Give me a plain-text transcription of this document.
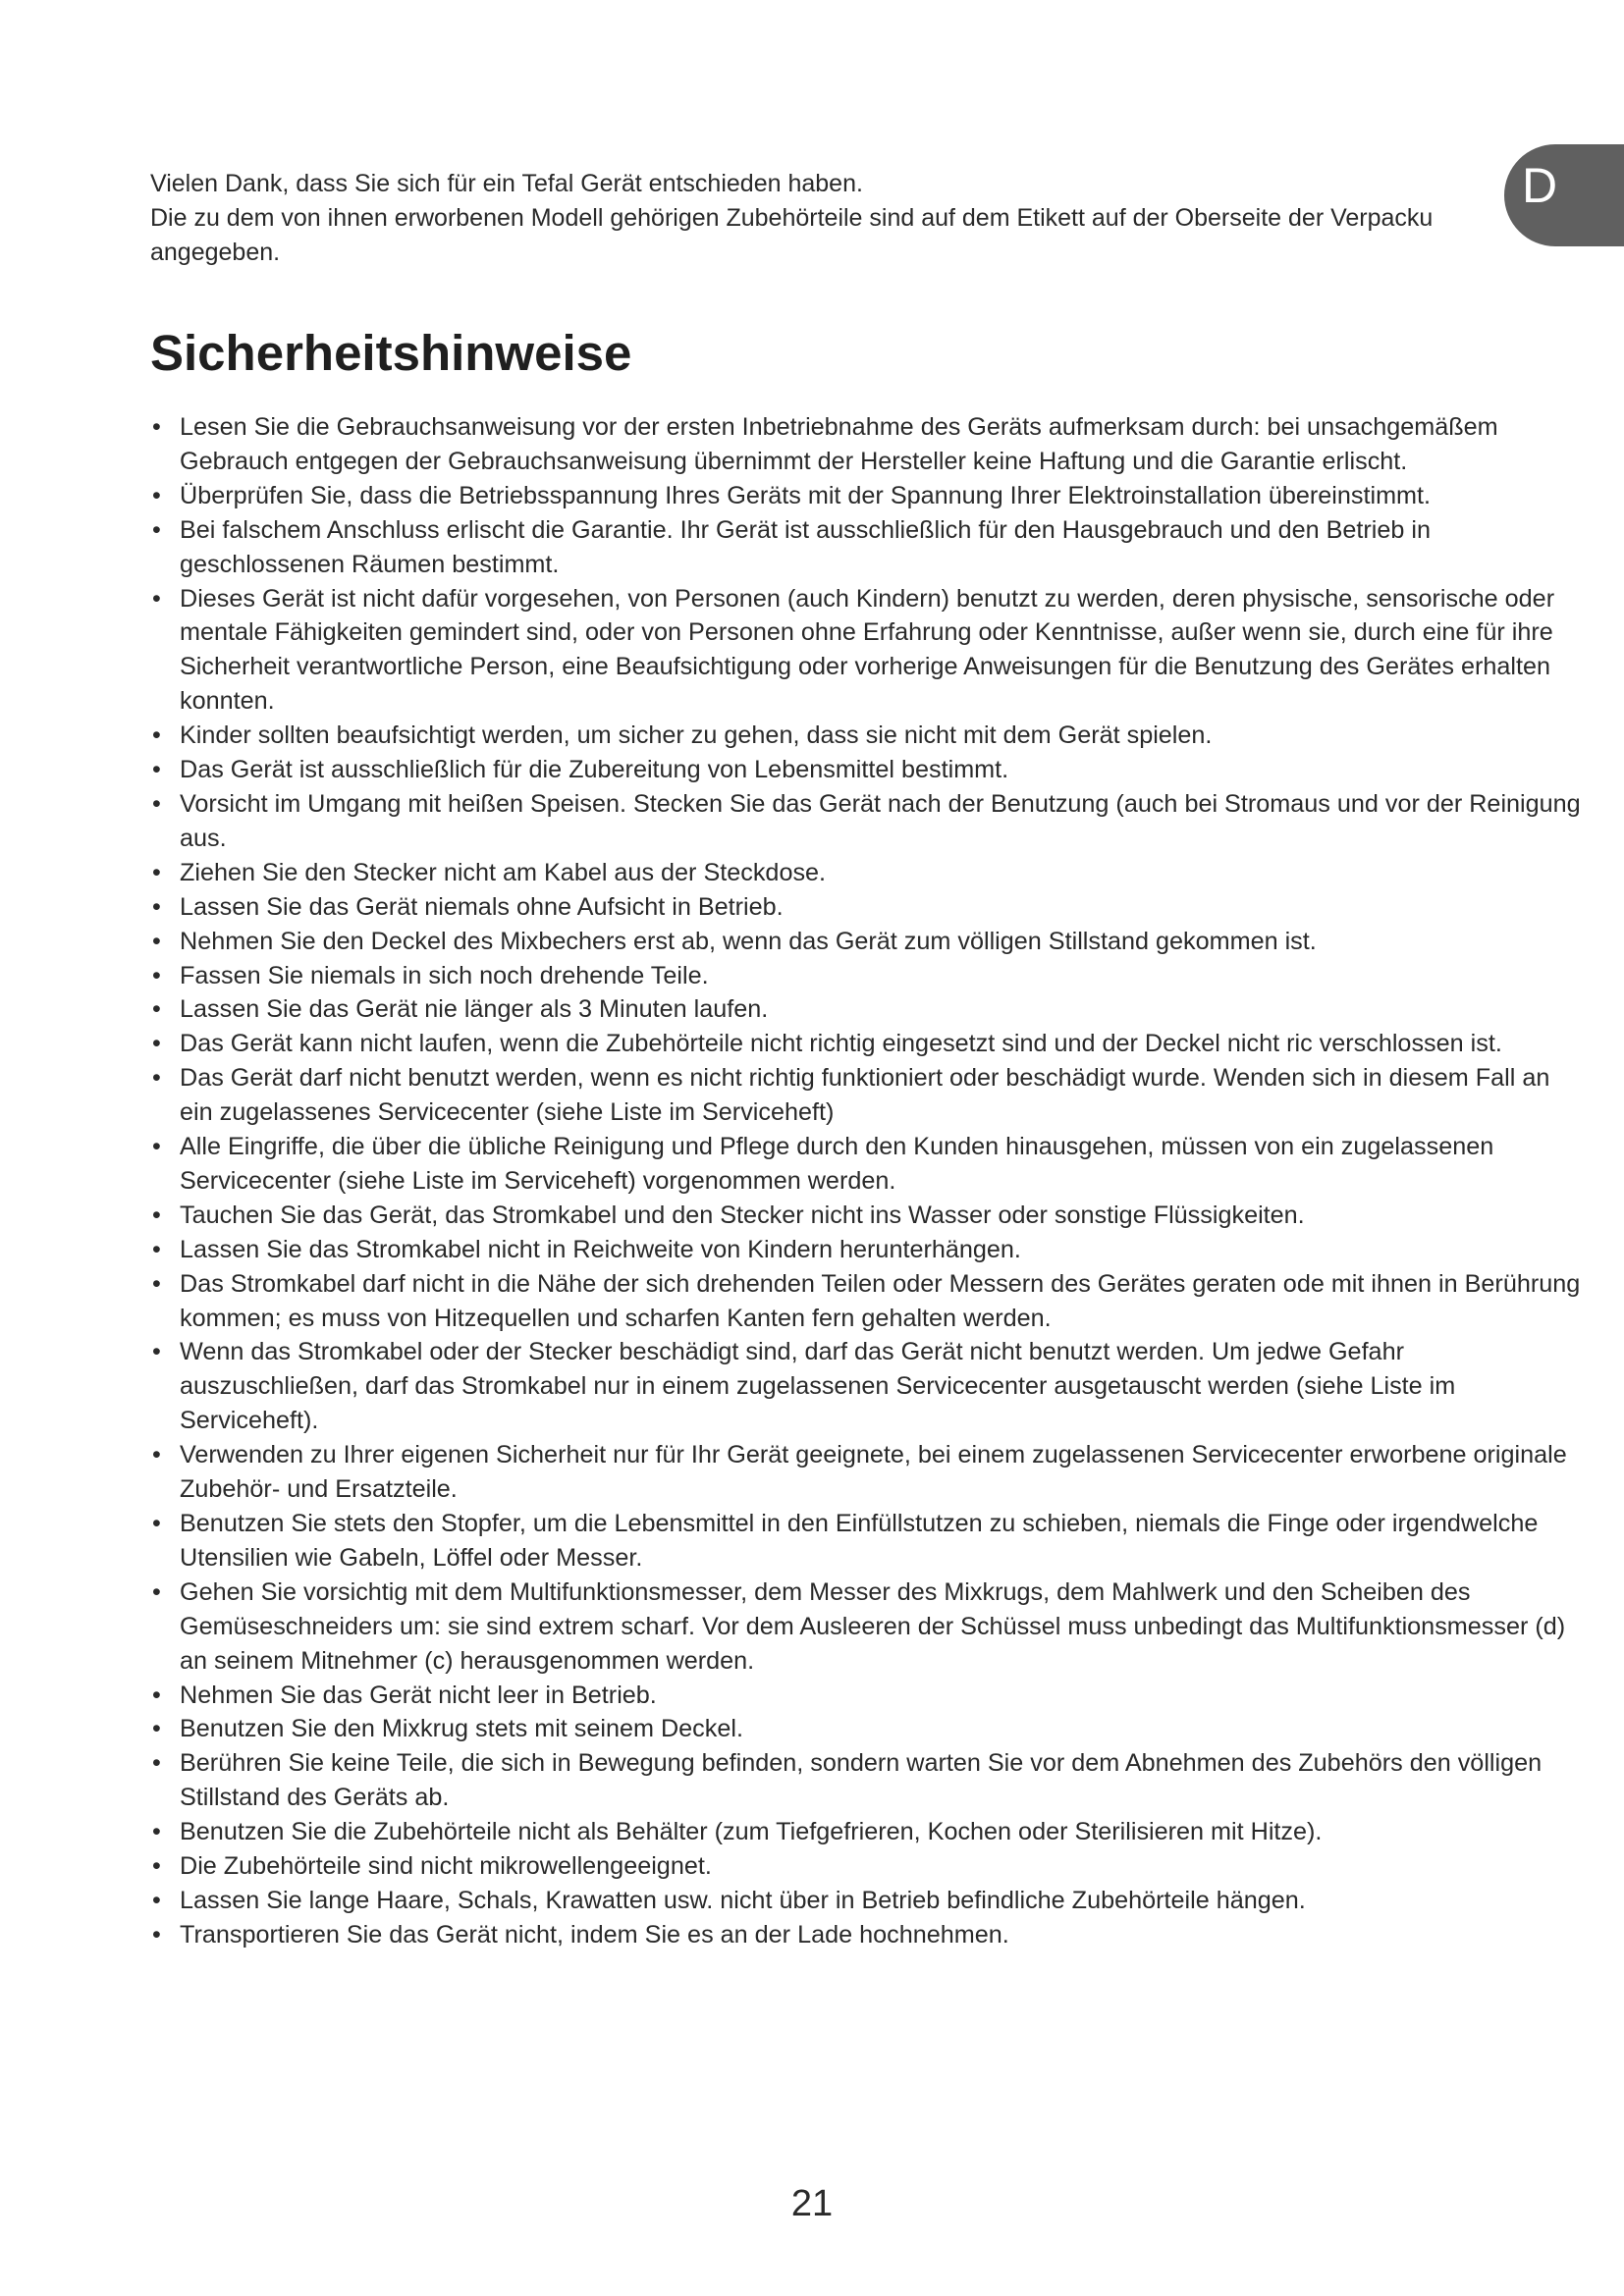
D

Vielen Dank, dass Sie sich für ein Tefal Gerät entschieden haben.

Die zu dem von ihnen erworbenen Modell gehörigen Zubehörteile sind auf dem Etikett auf der Oberseite der Verpacku

angegeben.

Sicherheitshinweise
• Lesen Sie die Gebrauchsanweisung vor der ersten Inbetriebnahme des Geräts aufmerksam durch: bei unsachgemäßem Gebrauch entgegen der Gebrauchsanweisung übernimmt der Hersteller keine Haftung und die Garantie erlischt.
• Überprüfen Sie, dass die Betriebsspannung Ihres Geräts mit der Spannung Ihrer Elektroinstallation übereinstimmt.
• Bei falschem Anschluss erlischt die Garantie. Ihr Gerät ist ausschließlich für den Hausgebrauch und den Betrieb in geschlossenen Räumen bestimmt.
• Dieses Gerät ist nicht dafür vorgesehen, von Personen (auch Kindern) benutzt zu werden, deren physische, sensorische oder mentale Fähigkeiten gemindert sind, oder von Personen ohne Erfahrung oder Kenntnisse, außer wenn sie, durch eine für ihre Sicherheit verantwortliche Person, eine Beaufsichtigung oder vorherige Anweisungen für die Benutzung des Gerätes erhalten konnten.
• Kinder sollten beaufsichtigt werden, um sicher zu gehen, dass sie nicht mit dem Gerät spielen.
• Das Gerät ist ausschließlich für die Zubereitung von Lebensmittel bestimmt.
• Vorsicht im Umgang mit heißen Speisen. Stecken Sie das Gerät nach der Benutzung (auch bei Stromaus und vor der Reinigung aus.
• Ziehen Sie den Stecker nicht am Kabel aus der Steckdose.
• Lassen Sie das Gerät niemals ohne Aufsicht in Betrieb.
• Nehmen Sie den Deckel des Mixbechers erst ab, wenn das Gerät zum völligen Stillstand gekommen ist.
• Fassen Sie niemals in sich noch drehende Teile.
• Lassen Sie das Gerät nie länger als 3 Minuten laufen.
• Das Gerät kann nicht laufen, wenn die Zubehörteile nicht richtig eingesetzt sind und der Deckel nicht ric verschlossen ist.
• Das Gerät darf nicht benutzt werden, wenn es nicht richtig funktioniert oder beschädigt wurde. Wenden sich in diesem Fall an ein zugelassenes Servicecenter (siehe Liste im Serviceheft)
• Alle Eingriffe, die über die übliche Reinigung und Pflege durch den Kunden hinausgehen, müssen von ein zugelassenen Servicecenter (siehe Liste im Serviceheft) vorgenommen werden.
• Tauchen Sie das Gerät, das Stromkabel und den Stecker nicht ins Wasser oder sonstige Flüssigkeiten.
• Lassen Sie das Stromkabel nicht in Reichweite von Kindern herunterhängen.
• Das Stromkabel darf nicht in die Nähe der sich drehenden Teilen oder Messern des Gerätes geraten ode mit ihnen in Berührung kommen; es muss von Hitzequellen und scharfen Kanten fern gehalten werden.
• Wenn das Stromkabel oder der Stecker beschädigt sind, darf das Gerät nicht benutzt werden. Um jedwe Gefahr auszuschließen, darf das Stromkabel nur in einem zugelassenen Servicecenter ausgetauscht werden (siehe Liste im Serviceheft).
• Verwenden zu Ihrer eigenen Sicherheit nur für Ihr Gerät geeignete, bei einem zugelassenen Servicecenter erworbene originale Zubehör- und Ersatzteile.
• Benutzen Sie stets den Stopfer, um die Lebensmittel in den Einfüllstutzen zu schieben, niemals die Finge oder irgendwelche Utensilien wie Gabeln, Löffel oder Messer.
• Gehen Sie vorsichtig mit dem Multifunktionsmesser, dem Messer des Mixkrugs, dem Mahlwerk und den Scheiben des Gemüseschneiders um: sie sind extrem scharf. Vor dem Ausleeren der Schüssel muss unbedingt das Multifunktionsmesser (d) an seinem Mitnehmer (c) herausgenommen werden.
• Nehmen Sie das Gerät nicht leer in Betrieb.
• Benutzen Sie den Mixkrug stets mit seinem Deckel.
• Berühren Sie keine Teile, die sich in Bewegung befinden, sondern warten Sie vor dem Abnehmen des Zubehörs den völligen Stillstand des Geräts ab.
• Benutzen Sie die Zubehörteile nicht als Behälter (zum Tiefgefrieren, Kochen oder Sterilisieren mit Hitze).
• Die Zubehörteile sind nicht mikrowellengeeignet.
• Lassen Sie lange Haare, Schals, Krawatten usw. nicht über in Betrieb befindliche Zubehörteile hängen.
• Transportieren Sie das Gerät nicht, indem Sie es an der Lade hochnehmen.
21
